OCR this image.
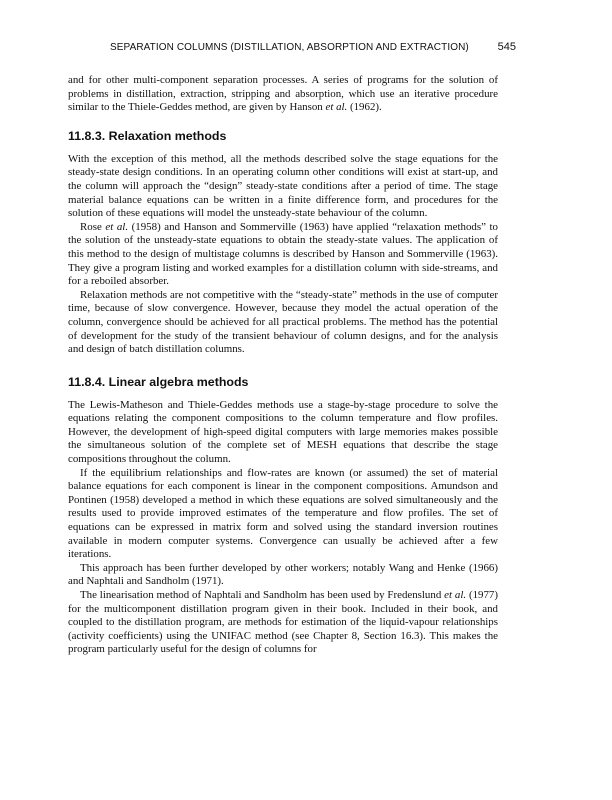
SEPARATION COLUMNS (DISTILLATION, ABSORPTION AND EXTRACTION)	545

and for other multi-component separation processes. A series of programs for the solution of problems in distillation, extraction, stripping and absorption, which use an iterative procedure similar to the Thiele-Geddes method, are given by Hanson et al. (1962).

11.8.3. Relaxation methods

With the exception of this method, all the methods described solve the stage equations for the steady-state design conditions. In an operating column other conditions will exist at start-up, and the column will approach the “design” steady-state conditions after a period of time. The stage material balance equations can be written in a finite difference form, and procedures for the solution of these equations will model the unsteady-state behaviour of the column.

Rose et al. (1958) and Hanson and Sommerville (1963) have applied “relaxation methods” to the solution of the unsteady-state equations to obtain the steady-state values. The application of this method to the design of multistage columns is described by Hanson and Sommerville (1963). They give a program listing and worked examples for a distillation column with side-streams, and for a reboiled absorber.

Relaxation methods are not competitive with the “steady-state” methods in the use of computer time, because of slow convergence. However, because they model the actual operation of the column, convergence should be achieved for all practical problems. The method has the potential of development for the study of the transient behaviour of column designs, and for the analysis and design of batch distillation columns.

11.8.4. Linear algebra methods

The Lewis-Matheson and Thiele-Geddes methods use a stage-by-stage procedure to solve the equations relating the component compositions to the column temperature and flow profiles. However, the development of high-speed digital computers with large memories makes possible the simultaneous solution of the complete set of MESH equations that describe the stage compositions throughout the column.

If the equilibrium relationships and flow-rates are known (or assumed) the set of material balance equations for each component is linear in the component compositions. Amundson and Pontinen (1958) developed a method in which these equations are solved simultaneously and the results used to provide improved estimates of the temperature and flow profiles. The set of equations can be expressed in matrix form and solved using the standard inversion routines available in modern computer systems. Convergence can usually be achieved after a few iterations.

This approach has been further developed by other workers; notably Wang and Henke (1966) and Naphtali and Sandholm (1971).

The linearisation method of Naphtali and Sandholm has been used by Fredenslund et al. (1977) for the multicomponent distillation program given in their book. Included in their book, and coupled to the distillation program, are methods for estimation of the liquid-vapour relationships (activity coefficients) using the UNIFAC method (see Chapter 8, Section 16.3). This makes the program particularly useful for the design of columns for
